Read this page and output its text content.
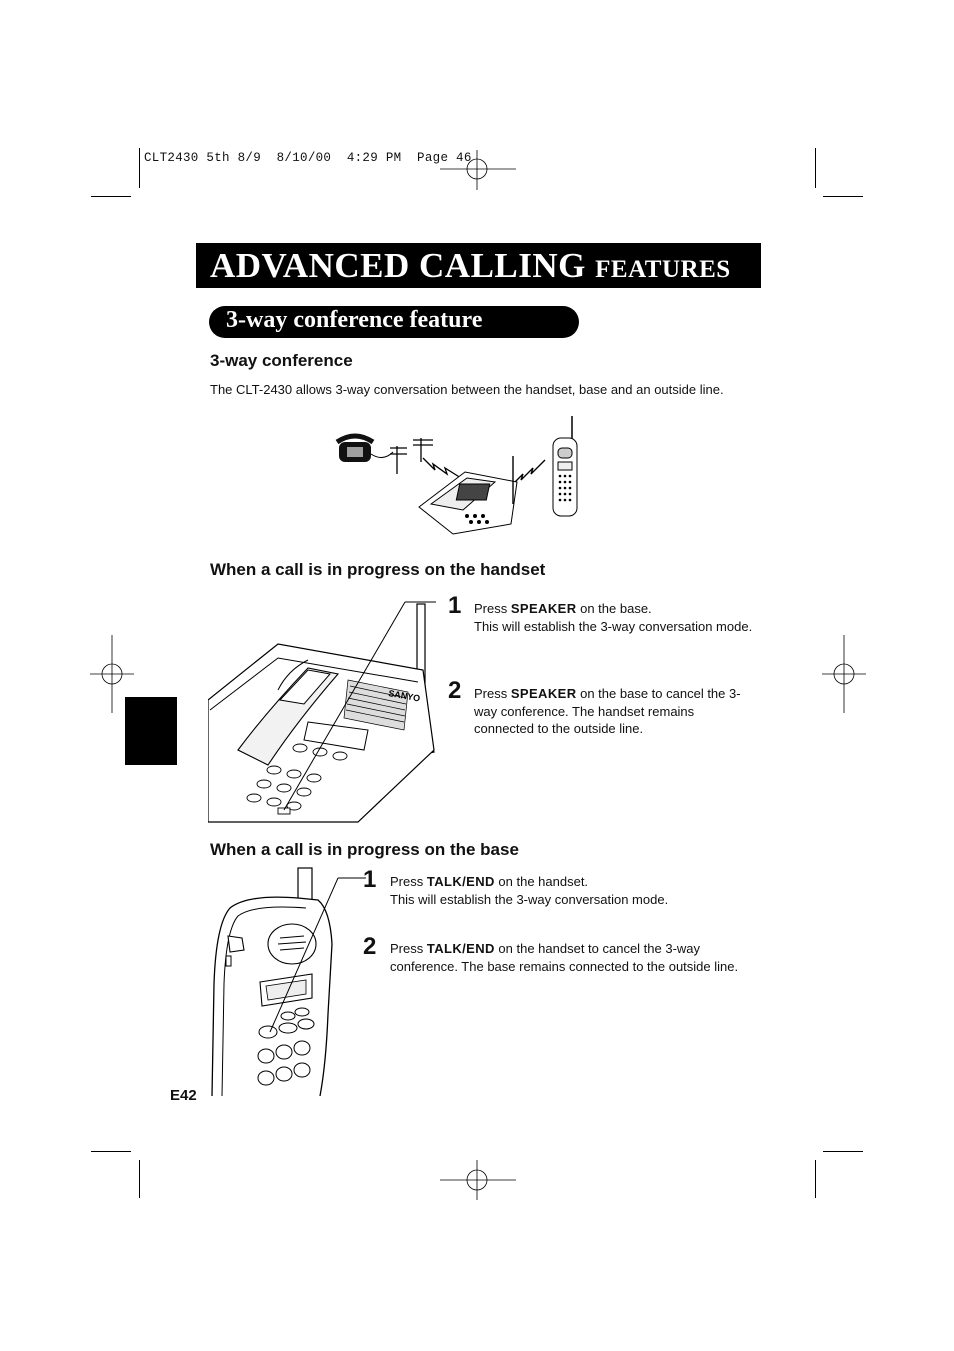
CLT2430 5th 8/9  8/10/00  4:29 PM  Page 46
ADVANCED CALLING FEATURES
3-way conference feature
3-way conference
The CLT-2430 allows 3-way conversation between the handset, base and an outside line.
When a call is in progress on the handset
SANYO
1 Press SPEAKER on the base.
This will establish the 3-way conversation mode.
2 Press SPEAKER on the base to cancel the 3-way conference. The handset remains connected to the outside line.
When a call is in progress on the base
1 Press TALK/END on the handset.
This will establish the 3-way conversation mode.
2 Press TALK/END on the handset to cancel the 3-way conference. The base remains connected to the outside line.
E42
